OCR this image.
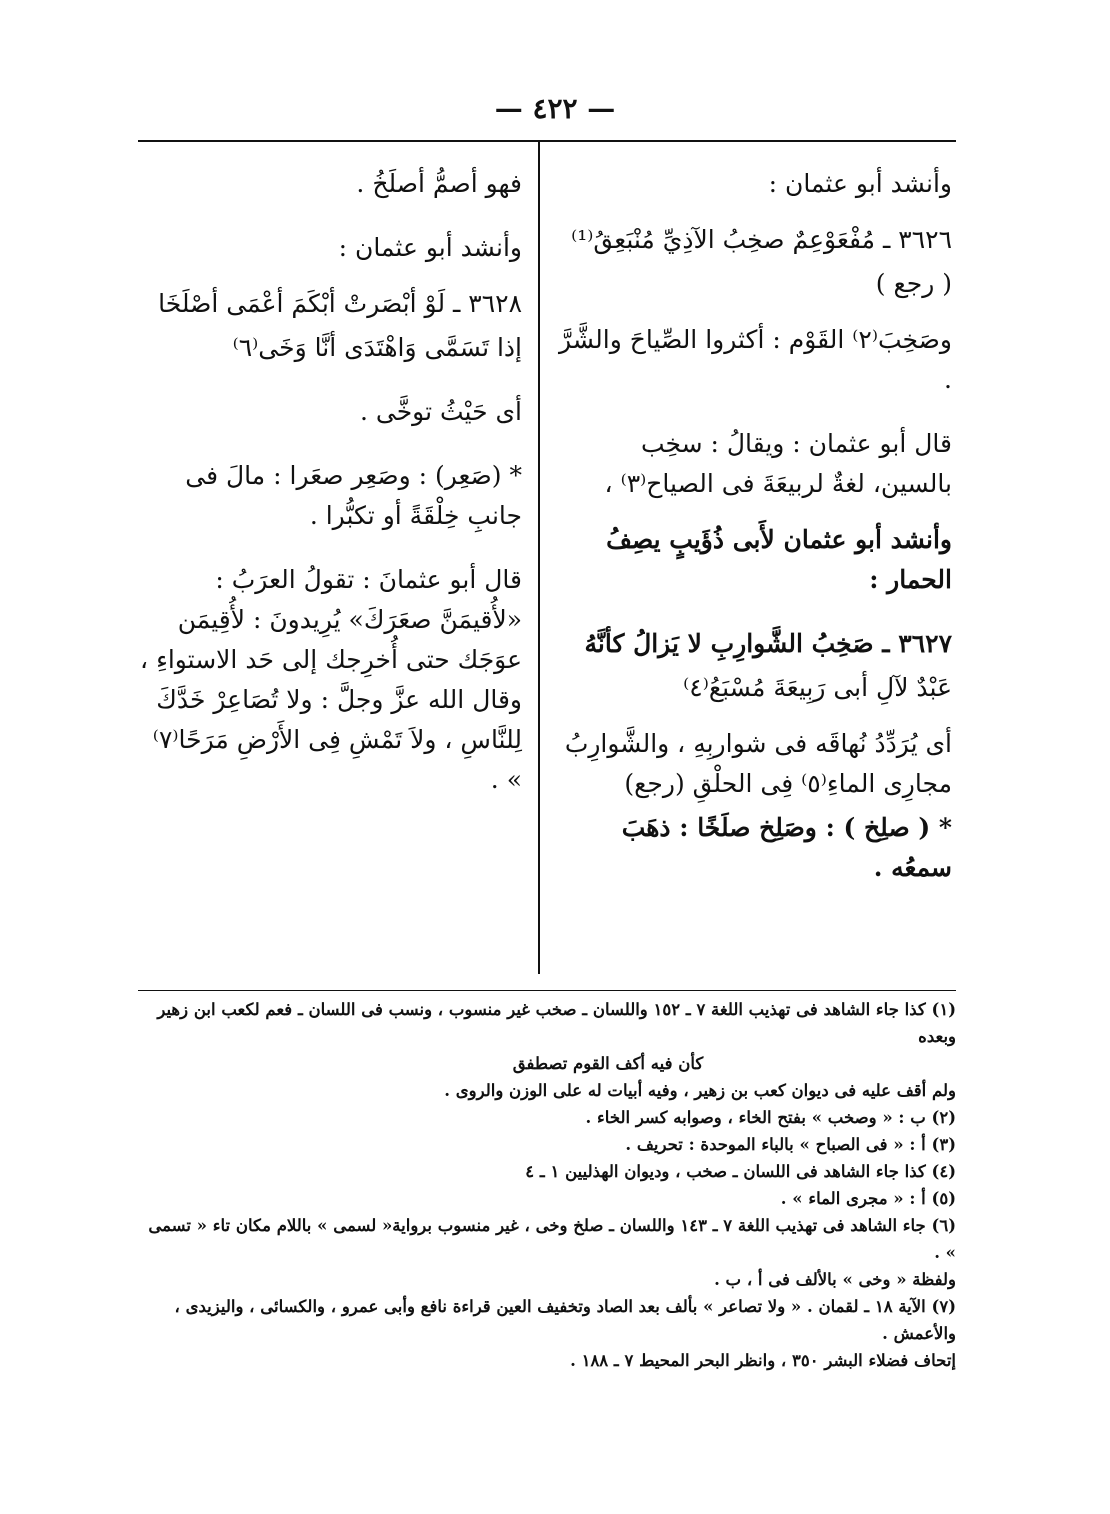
— ٤٢٢ —

وأنشد أبو عثمان :

٣٦٢٦ ـ مُفْعَوْعِمٌ صخِبُ الآذِيِّ مُنْبَعِقُ⁽¹⁾

( رجع )

وصَخِبَ⁽٢⁾ القَوْم : أكثروا الصِّياحَ والشَّرَّ .

قال أبو عثمان : ويقالُ : سخِب بالسين، لغةٌ لربيعَةَ فى الصياح⁽٣⁾ ،

وأنشد أبو عثمان لأَبى ذُؤَيبٍ يصِفُ الحمار :

٣٦٢٧ ـ صَخِبُ الشَّوارِبِ لا يَزالُ كأنَّهُ

عَبْدٌ لآلِ أبى رَبِيعَةَ مُسْبَعُ⁽٤⁾

أى يُرَدِّدُ نُهاقَه فى شواربِهِ ، والشَّوارِبُ مجارِى الماءِ⁽٥⁾ فِى الحلْقِ (رجع)

* ( صلِخ ) : وصَلِخ صلَخًا : ذهَبَ سمعُه .

فهو أصمُّ أصلَخُ .

وأنشد أبو عثمان :

٣٦٢٨ ـ لَوْ أبْصَرتْ أبْكَمَ أعْمَى أصْلَخَا

إذا تَسَمَّى وَاهْتَدَى أنَّا وَخَى⁽٦⁾

أى حَيْثُ توخَّى .

* (صَعِر) : وصَعِر صعَرا : مالَ فى جانبِ خِلْقَةً أو تكبُّرا .

قال أبو عثمانَ : تقولُ العرَبُ : «لأُقيمَنَّ صعَرَكَ» يُرِيدونَ : لأُقِيمَن عوَجَك حتى أُخرِجك إلى حَد الاستواءِ ، وقال الله عزَّ وجلَّ : ولا تُصَاعِرْ خَدَّكَ لِلنَّاسِ ، ولاَ تَمْشِ فِى الأَرْضِ مَرَحًا⁽٧⁾ » .

(١) كذا جاء الشاهد فى تهذيب اللغة ٧ ـ ١٥٢ واللسان ـ صخب غير منسوب ، ونسب فى اللسان ـ فعم لكعب ابن زهير وبعده

كأن فيه أكف القوم تصطفق

ولم أقف عليه فى ديوان كعب بن زهير ، وفيه أبيات له على الوزن والروى .

(٢) ب : « وصخب » بفتح الخاء ، وصوابه كسر الخاء .

(٣) أ : « فى الصباح » بالباء الموحدة : تحريف .

(٤) كذا جاء الشاهد فى اللسان ـ صخب ، وديوان الهذليين ١ ـ ٤

(٥) أ : « مجرى الماء » .

(٦) جاء الشاهد فى تهذيب اللغة ٧ ـ ١٤٣ واللسان ـ صلخ وخى ، غير منسوب برواية« لسمى » باللام مكان تاء « تسمى » .

ولفظة « وخى » بالألف فى أ ، ب .

(٧) الآية ١٨ ـ لقمان . « ولا تصاعر » بألف بعد الصاد وتخفيف العين قراءة نافع وأبى عمرو ، والكسائى ، واليزيدى ، والأعمش .

إتحاف فضلاء البشر ٣٥٠ ، وانظر البحر المحيط ٧ ـ ١٨٨ .
